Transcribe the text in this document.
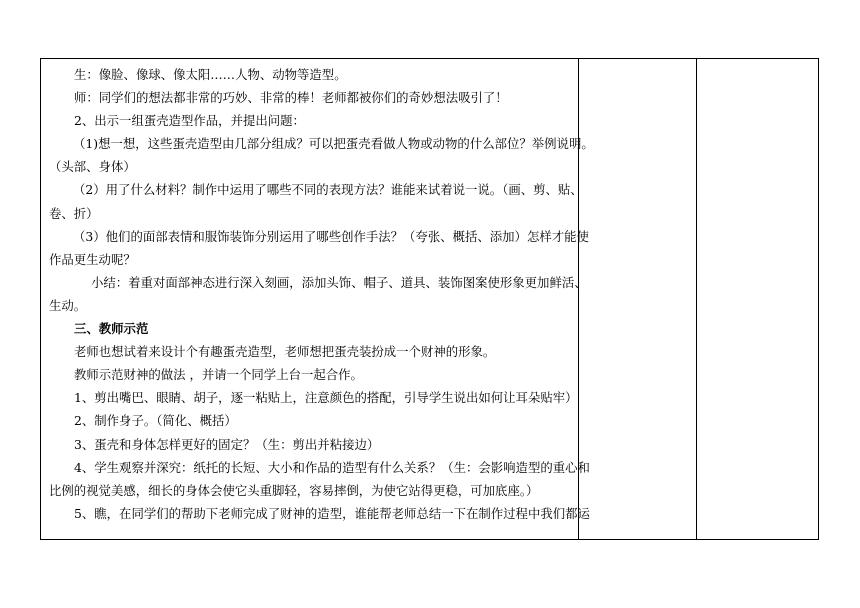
生：像脸、像球、像太阳……人物、动物等造型。
师：同学们的想法都非常的巧妙、非常的棒！老师都被你们的奇妙想法吸引了！
2、出示一组蛋壳造型作品，并提出问题：
（1)想一想，这些蛋壳造型由几部分组成？可以把蛋壳看做人物或动物的什么部位？举例说明。
（头部、身体）
（2）用了什么材料？制作中运用了哪些不同的表现方法？谁能来试着说一说。（画、剪、贴、
卷、折）
（3）他们的面部表情和服饰装饰分别运用了哪些创作手法？（夸张、概括、添加）怎样才能使
作品更生动呢？
小结：着重对面部神态进行深入刻画，添加头饰、帽子、道具、装饰图案使形象更加鲜活、
生动。
三、教师示范
老师也想试着来设计个有趣蛋壳造型，老师想把蛋壳装扮成一个财神的形象。
教师示范财神的做法 ，并请一个同学上台一起合作。
1、剪出嘴巴、眼睛、胡子，逐一粘贴上，注意颜色的搭配，引导学生说出如何让耳朵贴牢）
2、制作身子。（简化、概括）
3、蛋壳和身体怎样更好的固定？（生：剪出并粘接边）
4、学生观察并深究：纸托的长短、大小和作品的造型有什么关系？（生：会影响造型的重心和
比例的视觉美感，细长的身体会使它头重脚轻，容易摔倒，为使它站得更稳，可加底座。）
5、瞧，在同学们的帮助下老师完成了财神的造型，谁能帮老师总结一下在制作过程中我们都运
